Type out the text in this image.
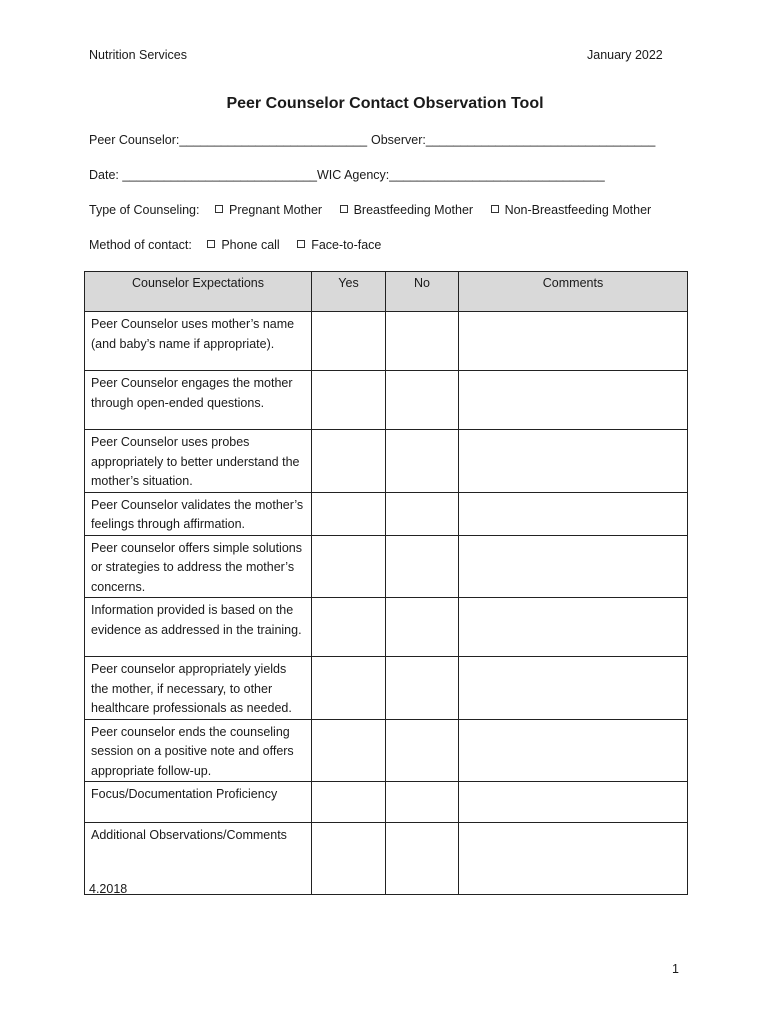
Nutrition Services	January 2022
Peer Counselor Contact Observation Tool
Peer Counselor:___________________________ Observer:_________________________________
Date: ____________________________ WIC Agency:_______________________________
Type of Counseling: Pregnant Mother	Breastfeeding Mother	Non-Breastfeeding Mother
Method of contact: Phone call	Face-to-face
Counselor Expectations	Yes	No	Comments
Peer Counselor uses mother’s name (and baby’s name if appropriate).			
Peer Counselor engages the mother through open-ended questions.			
Peer Counselor uses probes appropriately to better understand the mother’s situation.			
Peer Counselor validates the mother’s feelings through affirmation.			
Peer counselor offers simple solutions or strategies to address the mother’s concerns.			
Information provided is based on the evidence as addressed in the training.			
Peer counselor appropriately yields the mother, if necessary, to other healthcare professionals as needed.			
Peer counselor ends the counseling session on a positive note and offers appropriate follow-up.			
Focus/Documentation Proficiency			
Additional Observations/Comments			
4.2018
1
